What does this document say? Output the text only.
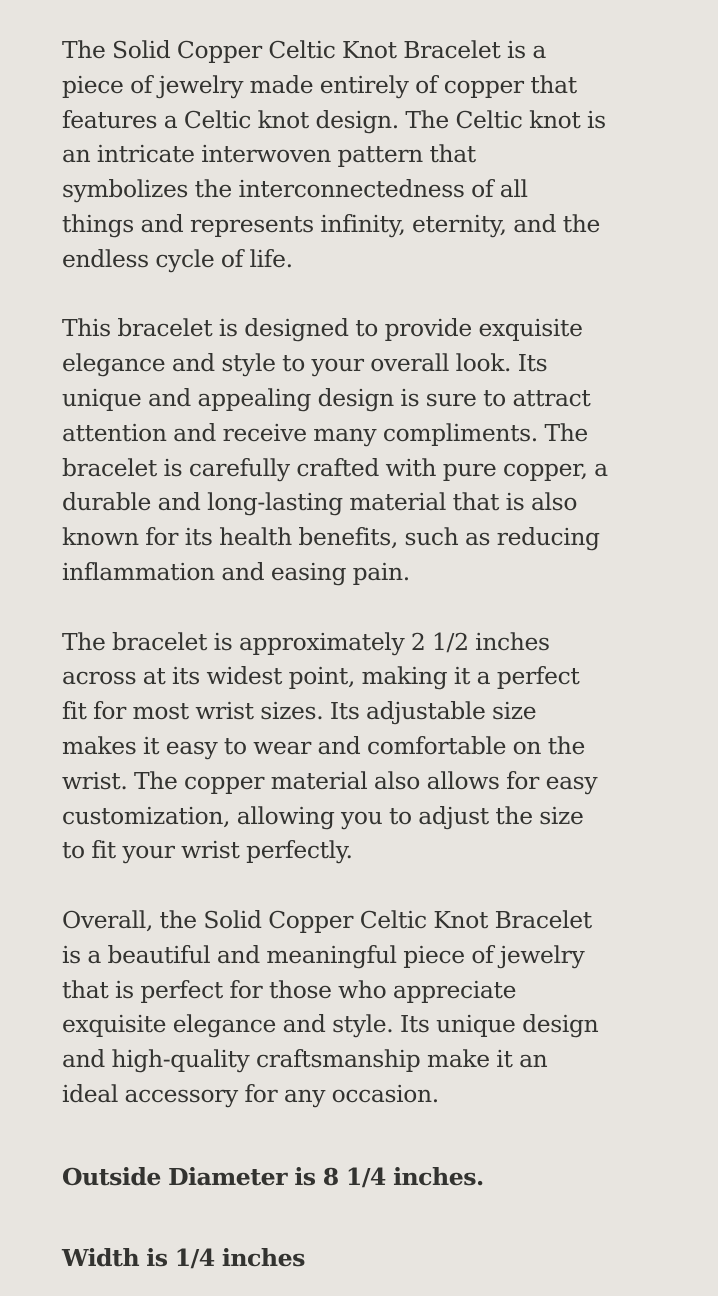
The Solid Copper Celtic Knot Bracelet is a
piece of jewelry made entirely of copper that
features a Celtic knot design. The Celtic knot is
an intricate interwoven pattern that
symbolizes the interconnectedness of all
things and represents infinity, eternity, and the
endless cycle of life.

This bracelet is designed to provide exquisite
elegance and style to your overall look. Its
unique and appealing design is sure to attract
attention and receive many compliments. The
bracelet is carefully crafted with pure copper, a
durable and long-lasting material that is also
known for its health benefits, such as reducing
inflammation and easing pain.

The bracelet is approximately 2 1/2 inches
across at its widest point, making it a perfect
fit for most wrist sizes. Its adjustable size
makes it easy to wear and comfortable on the
wrist. The copper material also allows for easy
customization, allowing you to adjust the size
to fit your wrist perfectly.

Overall, the Solid Copper Celtic Knot Bracelet
is a beautiful and meaningful piece of jewelry
that is perfect for those who appreciate
exquisite elegance and style. Its unique design
and high-quality craftsmanship make it an
ideal accessory for any occasion.

Outside Diameter is 8 1/4 inches.

Width is 1/4 inches
